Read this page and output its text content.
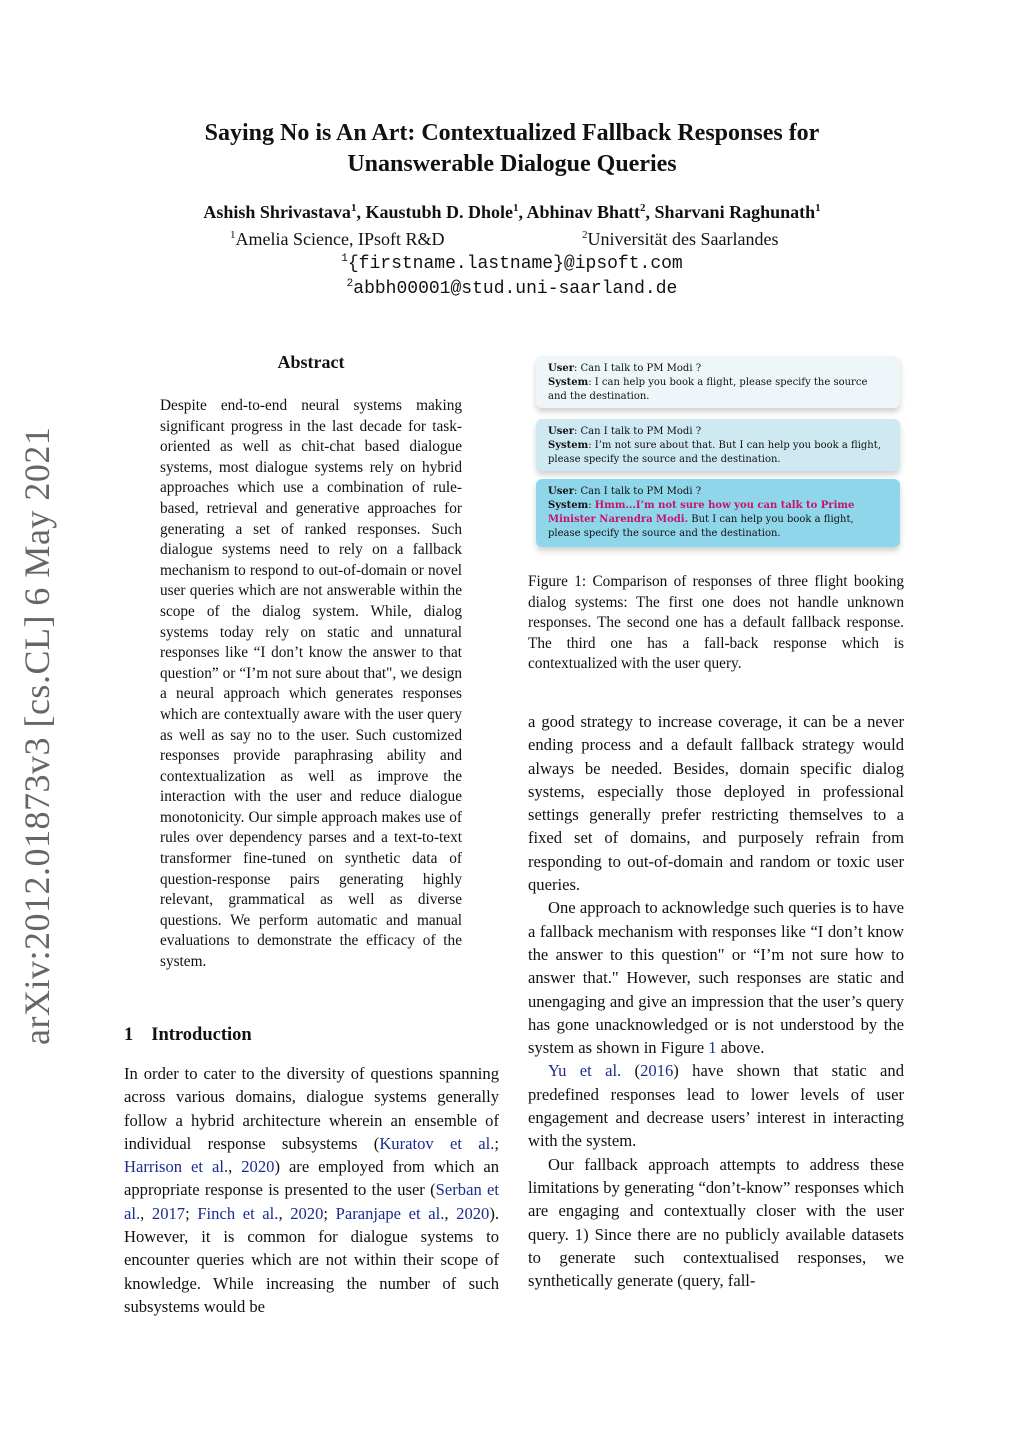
Saying No is An Art: Contextualized Fallback Responses for
Unanswerable Dialogue Queries
Ashish Shrivastava$^1$, Kaustubh D. Dhole$^1$, Abhinav Bhatt$^2$, Sharvani Raghunath$^1$
$^1$Amelia Science, IPsoft R&D	$^2$Universität des Saarlandes
$^1${firstname.lastname}@ipsoft.com
$^2$abbh00001@stud.uni-saarland.de
arXiv:2012.01873v3 [cs.CL] 6 May 2021
Abstract
Despite end-to-end neural systems making significant progress in the last decade for task-oriented as well as chit-chat based dialogue systems, most dialogue systems rely on hybrid approaches which use a combination of rule-based, retrieval and generative approaches for generating a set of ranked responses. Such dialogue systems need to rely on a fallback mechanism to respond to out-of-domain or novel user queries which are not answerable within the scope of the dialog system. While, dialog systems today rely on static and unnatural responses like “I don’t know the answer to that question” or “I’m not sure about that", we design a neural approach which generates responses which are contextually aware with the user query as well as say no to the user. Such customized responses provide paraphrasing ability and contextualization as well as improve the interaction with the user and reduce dialogue monotonicity. Our simple approach makes use of rules over dependency parses and a text-to-text transformer fine-tuned on synthetic data of question-response pairs generating highly relevant, grammatical as well as diverse questions. We perform automatic and manual evaluations to demonstrate the efficacy of the system.
User: Can I talk to PM Modi ?
System: I can help you book a flight, please specify the source and the destination.
User: Can I talk to PM Modi ?
System: I’m not sure about that. But I can help you book a flight, please specify the source and the destination.
User: Can I talk to PM Modi ?
System: Hmm...I’m not sure how you can talk to Prime Minister Narendra Modi. But I can help you book a flight, please specify the source and the destination.
Figure 1: Comparison of responses of three flight booking dialog systems: The first one does not handle unknown responses. The second one has a default fallback response. The third one has a fall-back response which is contextualized with the user query.
1 Introduction

In order to cater to the diversity of questions spanning across various domains, dialogue systems generally follow a hybrid architecture wherein an ensemble of individual response subsystems (Kuratov et al.; Harrison et al., 2020) are employed from which an appropriate response is presented to the user (Serban et al., 2017; Finch et al., 2020; Paranjape et al., 2020). However, it is common for dialogue systems to encounter queries which are not within their scope of knowledge. While increasing the number of such subsystems would be

a good strategy to increase coverage, it can be a never ending process and a default fallback strategy would always be needed. Besides, domain specific dialog systems, especially those deployed in professional settings generally prefer restricting themselves to a fixed set of domains, and purposely refrain from responding to out-of-domain and random or toxic user queries.

One approach to acknowledge such queries is to have a fallback mechanism with responses like “I don’t know the answer to this question" or “I’m not sure how to answer that." However, such responses are static and unengaging and give an impression that the user’s query has gone unacknowledged or is not understood by the system as shown in Figure 1 above.

Yu et al. (2016) have shown that static and predefined responses lead to lower levels of user engagement and decrease users’ interest in interacting with the system.

Our fallback approach attempts to address these limitations by generating “don’t-know” responses which are engaging and contextually closer with the user query. 1) Since there are no publicly available datasets to generate such contextualised responses, we synthetically generate (query, fall-
